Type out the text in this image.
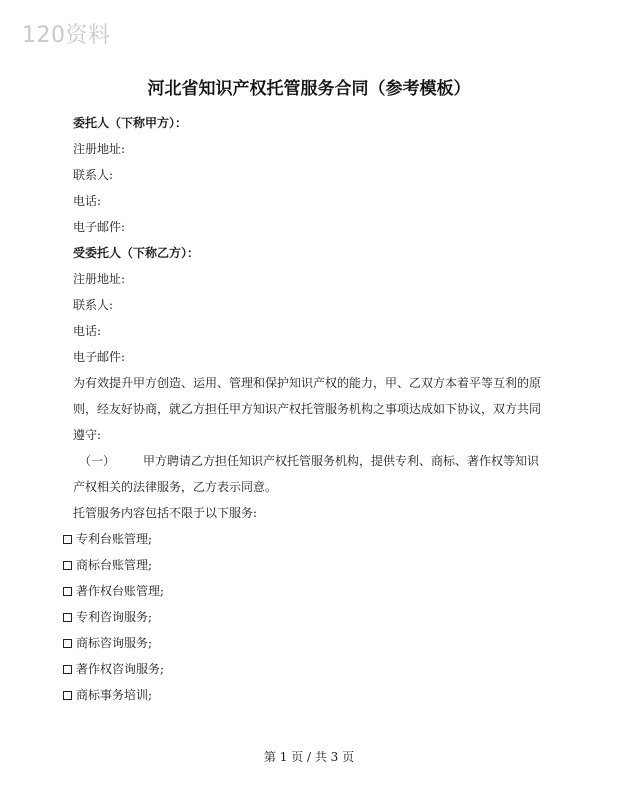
120资料
河北省知识产权托管服务合同（参考模板）
委托人（下称甲方）：
注册地址:
联系人:
电话:
电子邮件:
受委托人（下称乙方）：
注册地址:
联系人:
电话:
电子邮件:
为有效提升甲方创造、运用、管理和保护知识产权的能力，甲、乙双方本着平等互利的原
则，经友好协商，就乙方担任甲方知识产权托管服务机构之事项达成如下协议，双方共同
遵守:
（一） 甲方聘请乙方担任知识产权托管服务机构，提供专利、商标、著作权等知识
产权相关的法律服务，乙方表示同意。
托管服务内容包括不限于以下服务:
专利台账管理;
商标台账管理;
著作权台账管理;
专利咨询服务;
商标咨询服务;
著作权咨询服务;
商标事务培训;
第 1 页 / 共 3 页
